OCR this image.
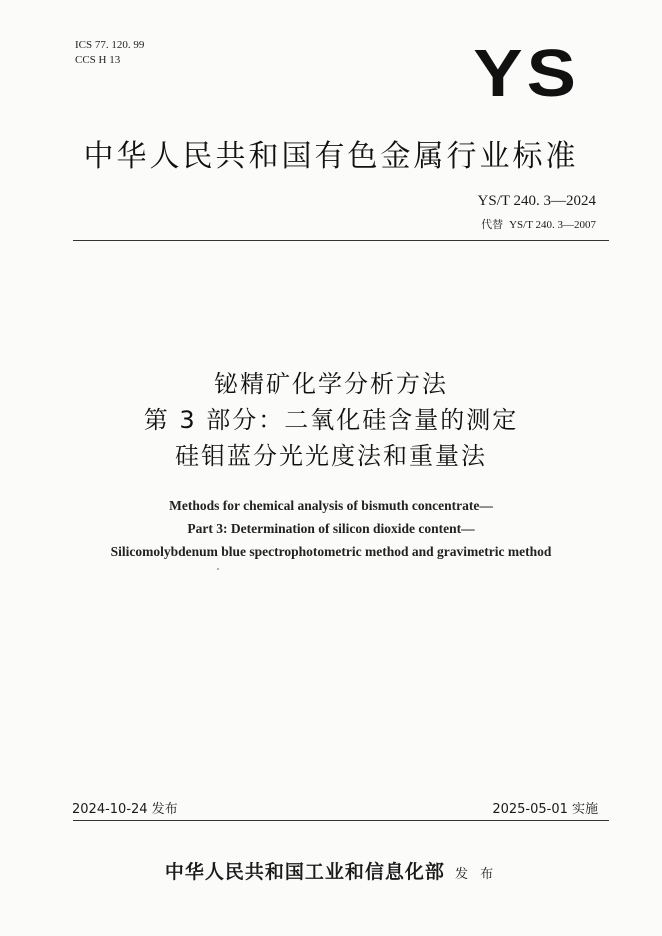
ICS 77. 120. 99
CCS H 13	YS
中华人民共和国有色金属行业标准
YS/T 240. 3—2024
代替 YS/T 240. 3—2007
铋精矿化学分析方法
第 3 部分：二氧化硅含量的测定
硅钼蓝分光光度法和重量法
Methods for chemical analysis of bismuth concentrate—
Part 3: Determination of silicon dioxide content—
Silicomolybdenum blue spectrophotometric method and gravimetric method
2024-10-24 发布	2025-05-01 实施
中华人民共和国工业和信息化部 发 布
